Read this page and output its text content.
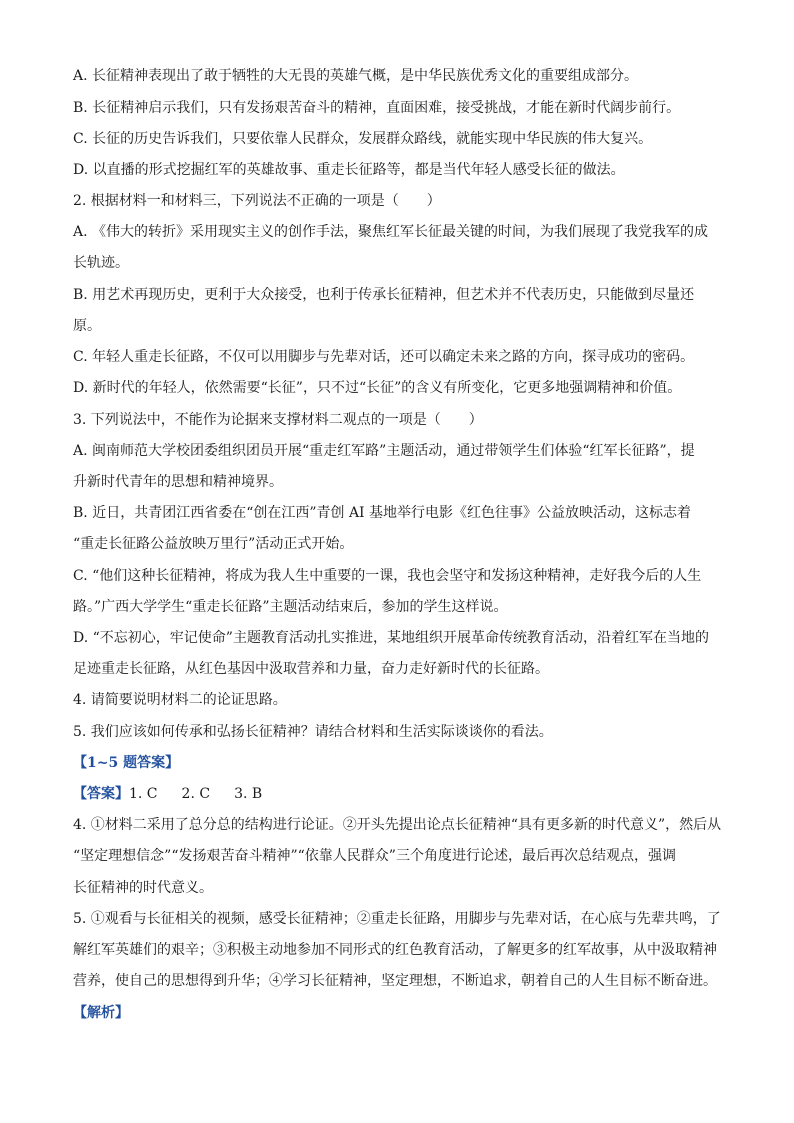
A. 长征精神表现出了敢于牺牲的大无畏的英雄气概，是中华民族优秀文化的重要组成部分。
B. 长征精神启示我们，只有发扬艰苦奋斗的精神，直面困难，接受挑战，才能在新时代阔步前行。
C. 长征的历史告诉我们，只要依靠人民群众，发展群众路线，就能实现中华民族的伟大复兴。
D. 以直播的形式挖掘红军的英雄故事、重走长征路等，都是当代年轻人感受长征的做法。
2. 根据材料一和材料三，下列说法不正确的一项是（　　）
A. 《伟大的转折》采用现实主义的创作手法，聚焦红军长征最关键的时间，为我们展现了我党我军的成
长轨迹。
B. 用艺术再现历史，更利于大众接受，也利于传承长征精神，但艺术并不代表历史，只能做到尽量还
原。
C. 年轻人重走长征路，不仅可以用脚步与先辈对话，还可以确定未来之路的方向，探寻成功的密码。
D. 新时代的年轻人，依然需要“长征”，只不过“长征”的含义有所变化，它更多地强调精神和价值。
3. 下列说法中，不能作为论据来支撑材料二观点的一项是（　　）
A. 闽南师范大学校团委组织团员开展“重走红军路”主题活动，通过带领学生们体验“红军长征路”，提
升新时代青年的思想和精神境界。
B. 近日，共青团江西省委在“创在江西”青创 AI 基地举行电影《红色往事》公益放映活动，这标志着
“重走长征路公益放映万里行”活动正式开始。
C. “他们这种长征精神，将成为我人生中重要的一课，我也会坚守和发扬这种精神，走好我今后的人生
路。”广西大学学生“重走长征路”主题活动结束后，参加的学生这样说。
D. “不忘初心，牢记使命”主题教育活动扎实推进，某地组织开展革命传统教育活动，沿着红军在当地的
足迹重走长征路，从红色基因中汲取营养和力量，奋力走好新时代的长征路。
4. 请简要说明材料二的论证思路。
5. 我们应该如何传承和弘扬长征精神？请结合材料和生活实际谈谈你的看法。
【1~5 题答案】
【答案】1. C 2. C 3. B
4. ①材料二采用了总分总的结构进行论证。②开头先提出论点长征精神“具有更多新的时代意义”，然后从
“坚定理想信念”“发扬艰苦奋斗精神”“依靠人民群众”三个角度进行论述，最后再次总结观点，强调
长征精神的时代意义。
5. ①观看与长征相关的视频，感受长征精神；②重走长征路，用脚步与先辈对话，在心底与先辈共鸣，了
解红军英雄们的艰辛；③积极主动地参加不同形式的红色教育活动，了解更多的红军故事，从中汲取精神
营养，使自己的思想得到升华；④学习长征精神，坚定理想，不断追求，朝着自己的人生目标不断奋进。
【解析】
